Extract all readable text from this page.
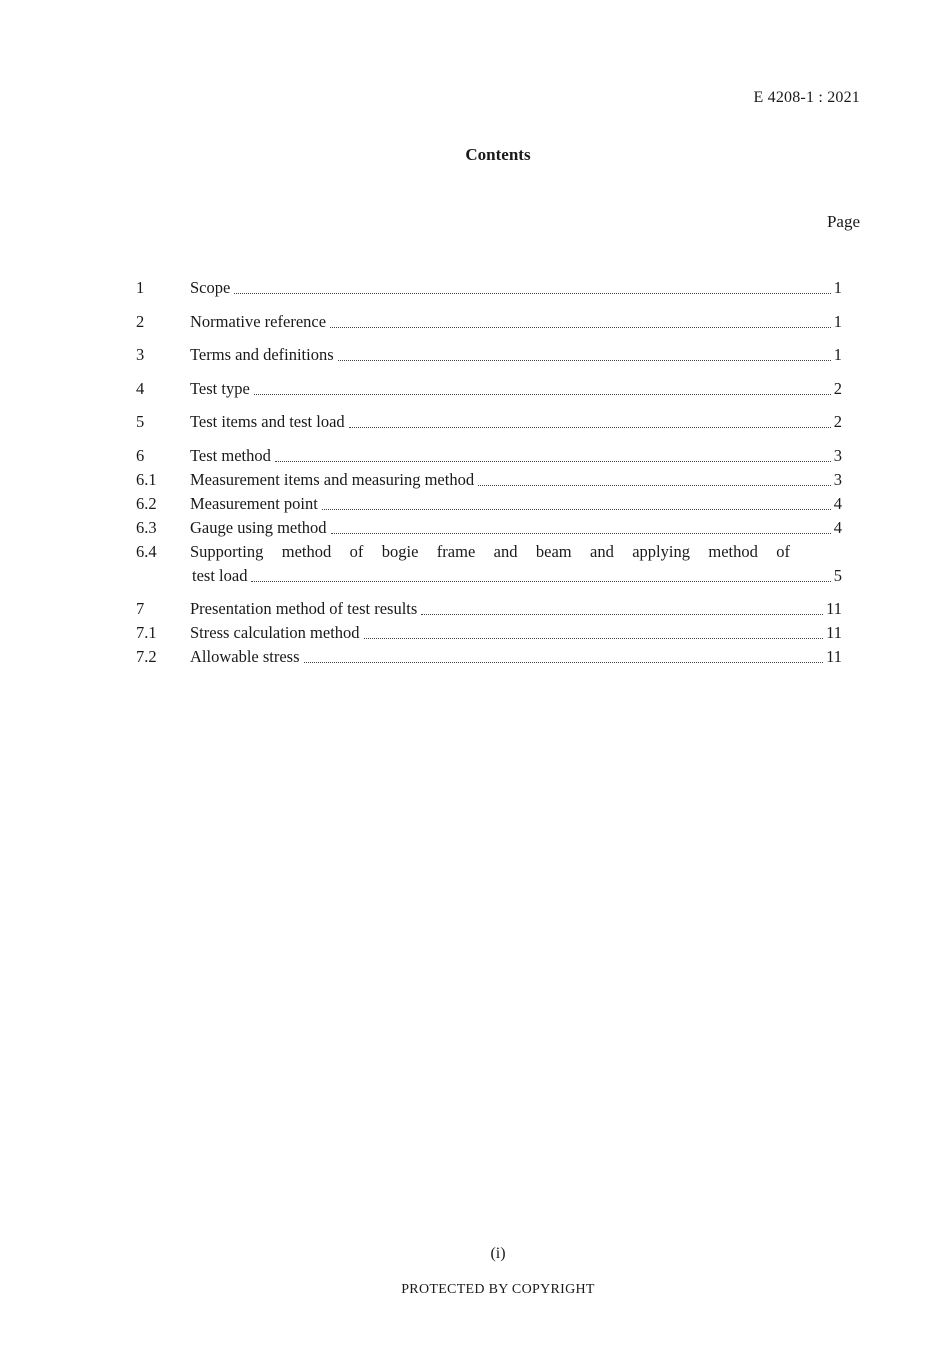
E 4208-1 : 2021
Contents
Page
1	Scope	1
2	Normative reference	1
3	Terms and definitions	1
4	Test type	2
5	Test items and test load	2
6	Test method	3
6.1	Measurement items and measuring method	3
6.2	Measurement point	4
6.3	Gauge using method	4
6.4	Supporting method of bogie frame and beam and applying method of
test load	5
7	Presentation method of test results	11
7.1	Stress calculation method	11
7.2	Allowable stress	11
(i)
PROTECTED BY COPYRIGHT
